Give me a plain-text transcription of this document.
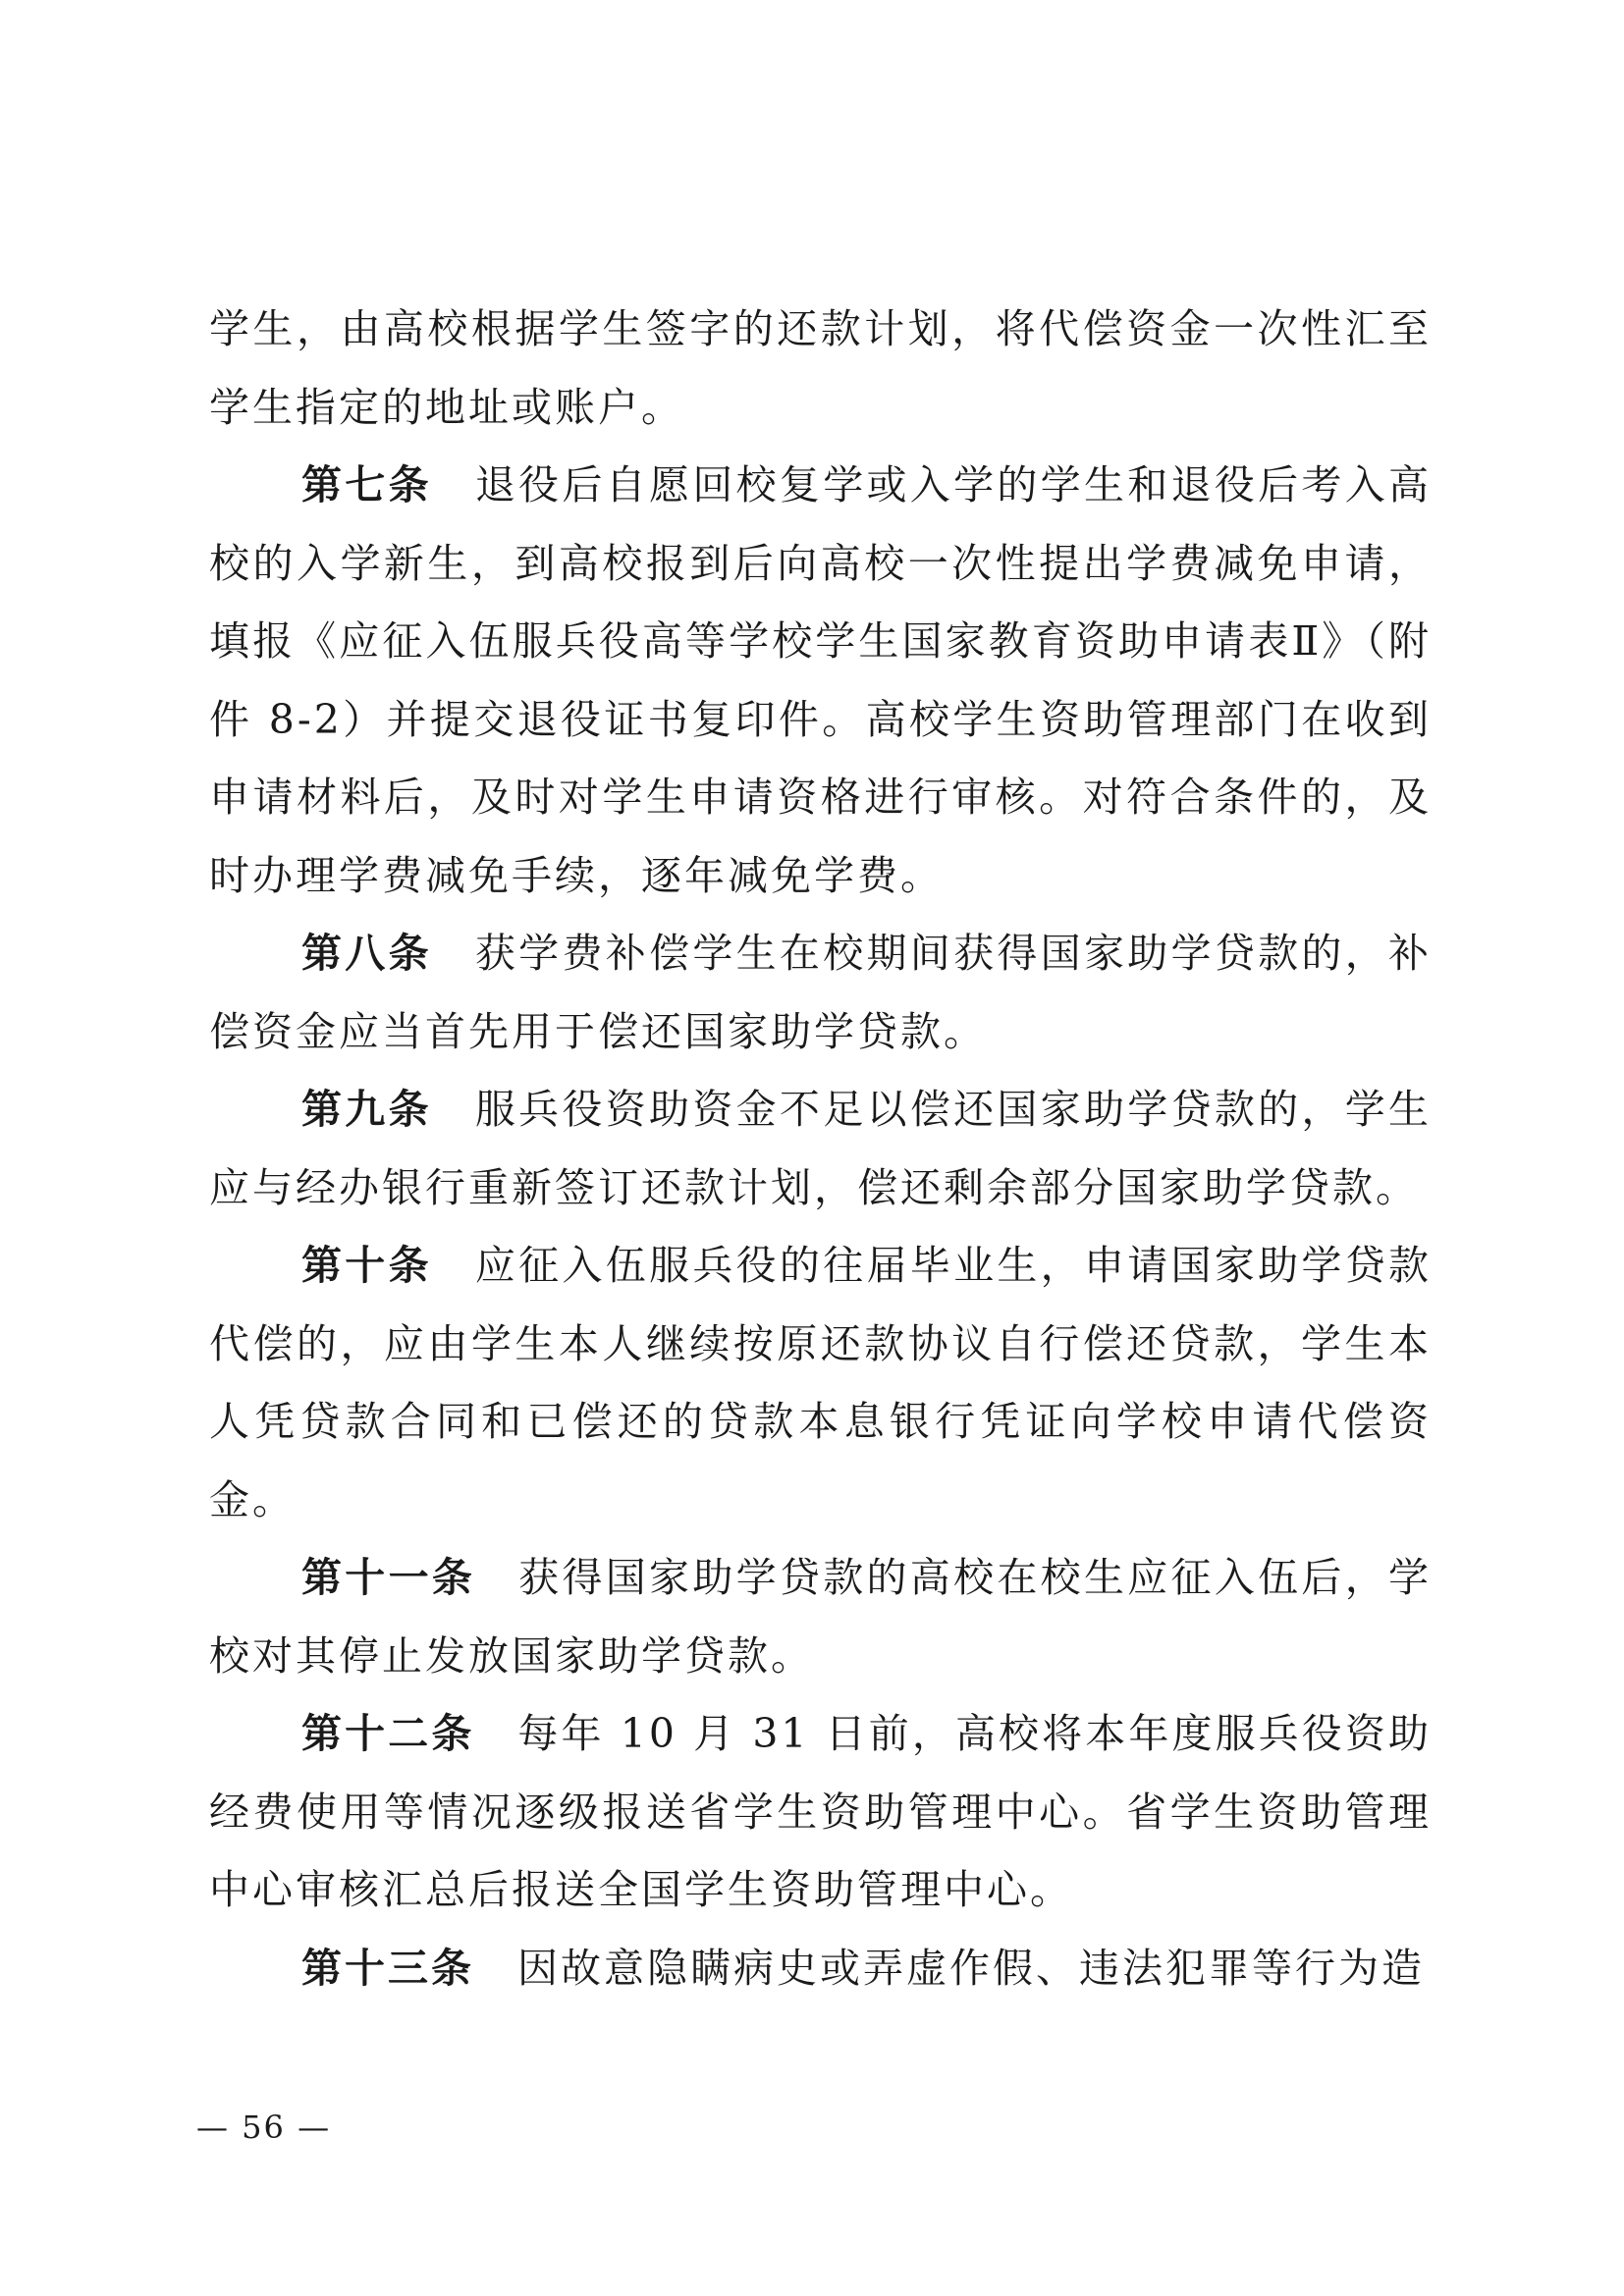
学生，由高校根据学生签字的还款计划，将代偿资金一次性汇至学生指定的地址或账户。

第七条 退役后自愿回校复学或入学的学生和退役后考入高校的入学新生，到高校报到后向高校一次性提出学费减免申请，填报《应征入伍服兵役高等学校学生国家教育资助申请表Ⅱ》（附件 8-2）并提交退役证书复印件。高校学生资助管理部门在收到申请材料后，及时对学生申请资格进行审核。对符合条件的，及时办理学费减免手续，逐年减免学费。

第八条 获学费补偿学生在校期间获得国家助学贷款的，补偿资金应当首先用于偿还国家助学贷款。

第九条 服兵役资助资金不足以偿还国家助学贷款的，学生应与经办银行重新签订还款计划，偿还剩余部分国家助学贷款。

第十条 应征入伍服兵役的往届毕业生，申请国家助学贷款代偿的，应由学生本人继续按原还款协议自行偿还贷款，学生本人凭贷款合同和已偿还的贷款本息银行凭证向学校申请代偿资金。

第十一条 获得国家助学贷款的高校在校生应征入伍后，学校对其停止发放国家助学贷款。

第十二条 每年 10 月 31 日前，高校将本年度服兵役资助经费使用等情况逐级报送省学生资助管理中心。省学生资助管理中心审核汇总后报送全国学生资助管理中心。

第十三条 因故意隐瞒病史或弄虚作假、违法犯罪等行为造

— 56 —
